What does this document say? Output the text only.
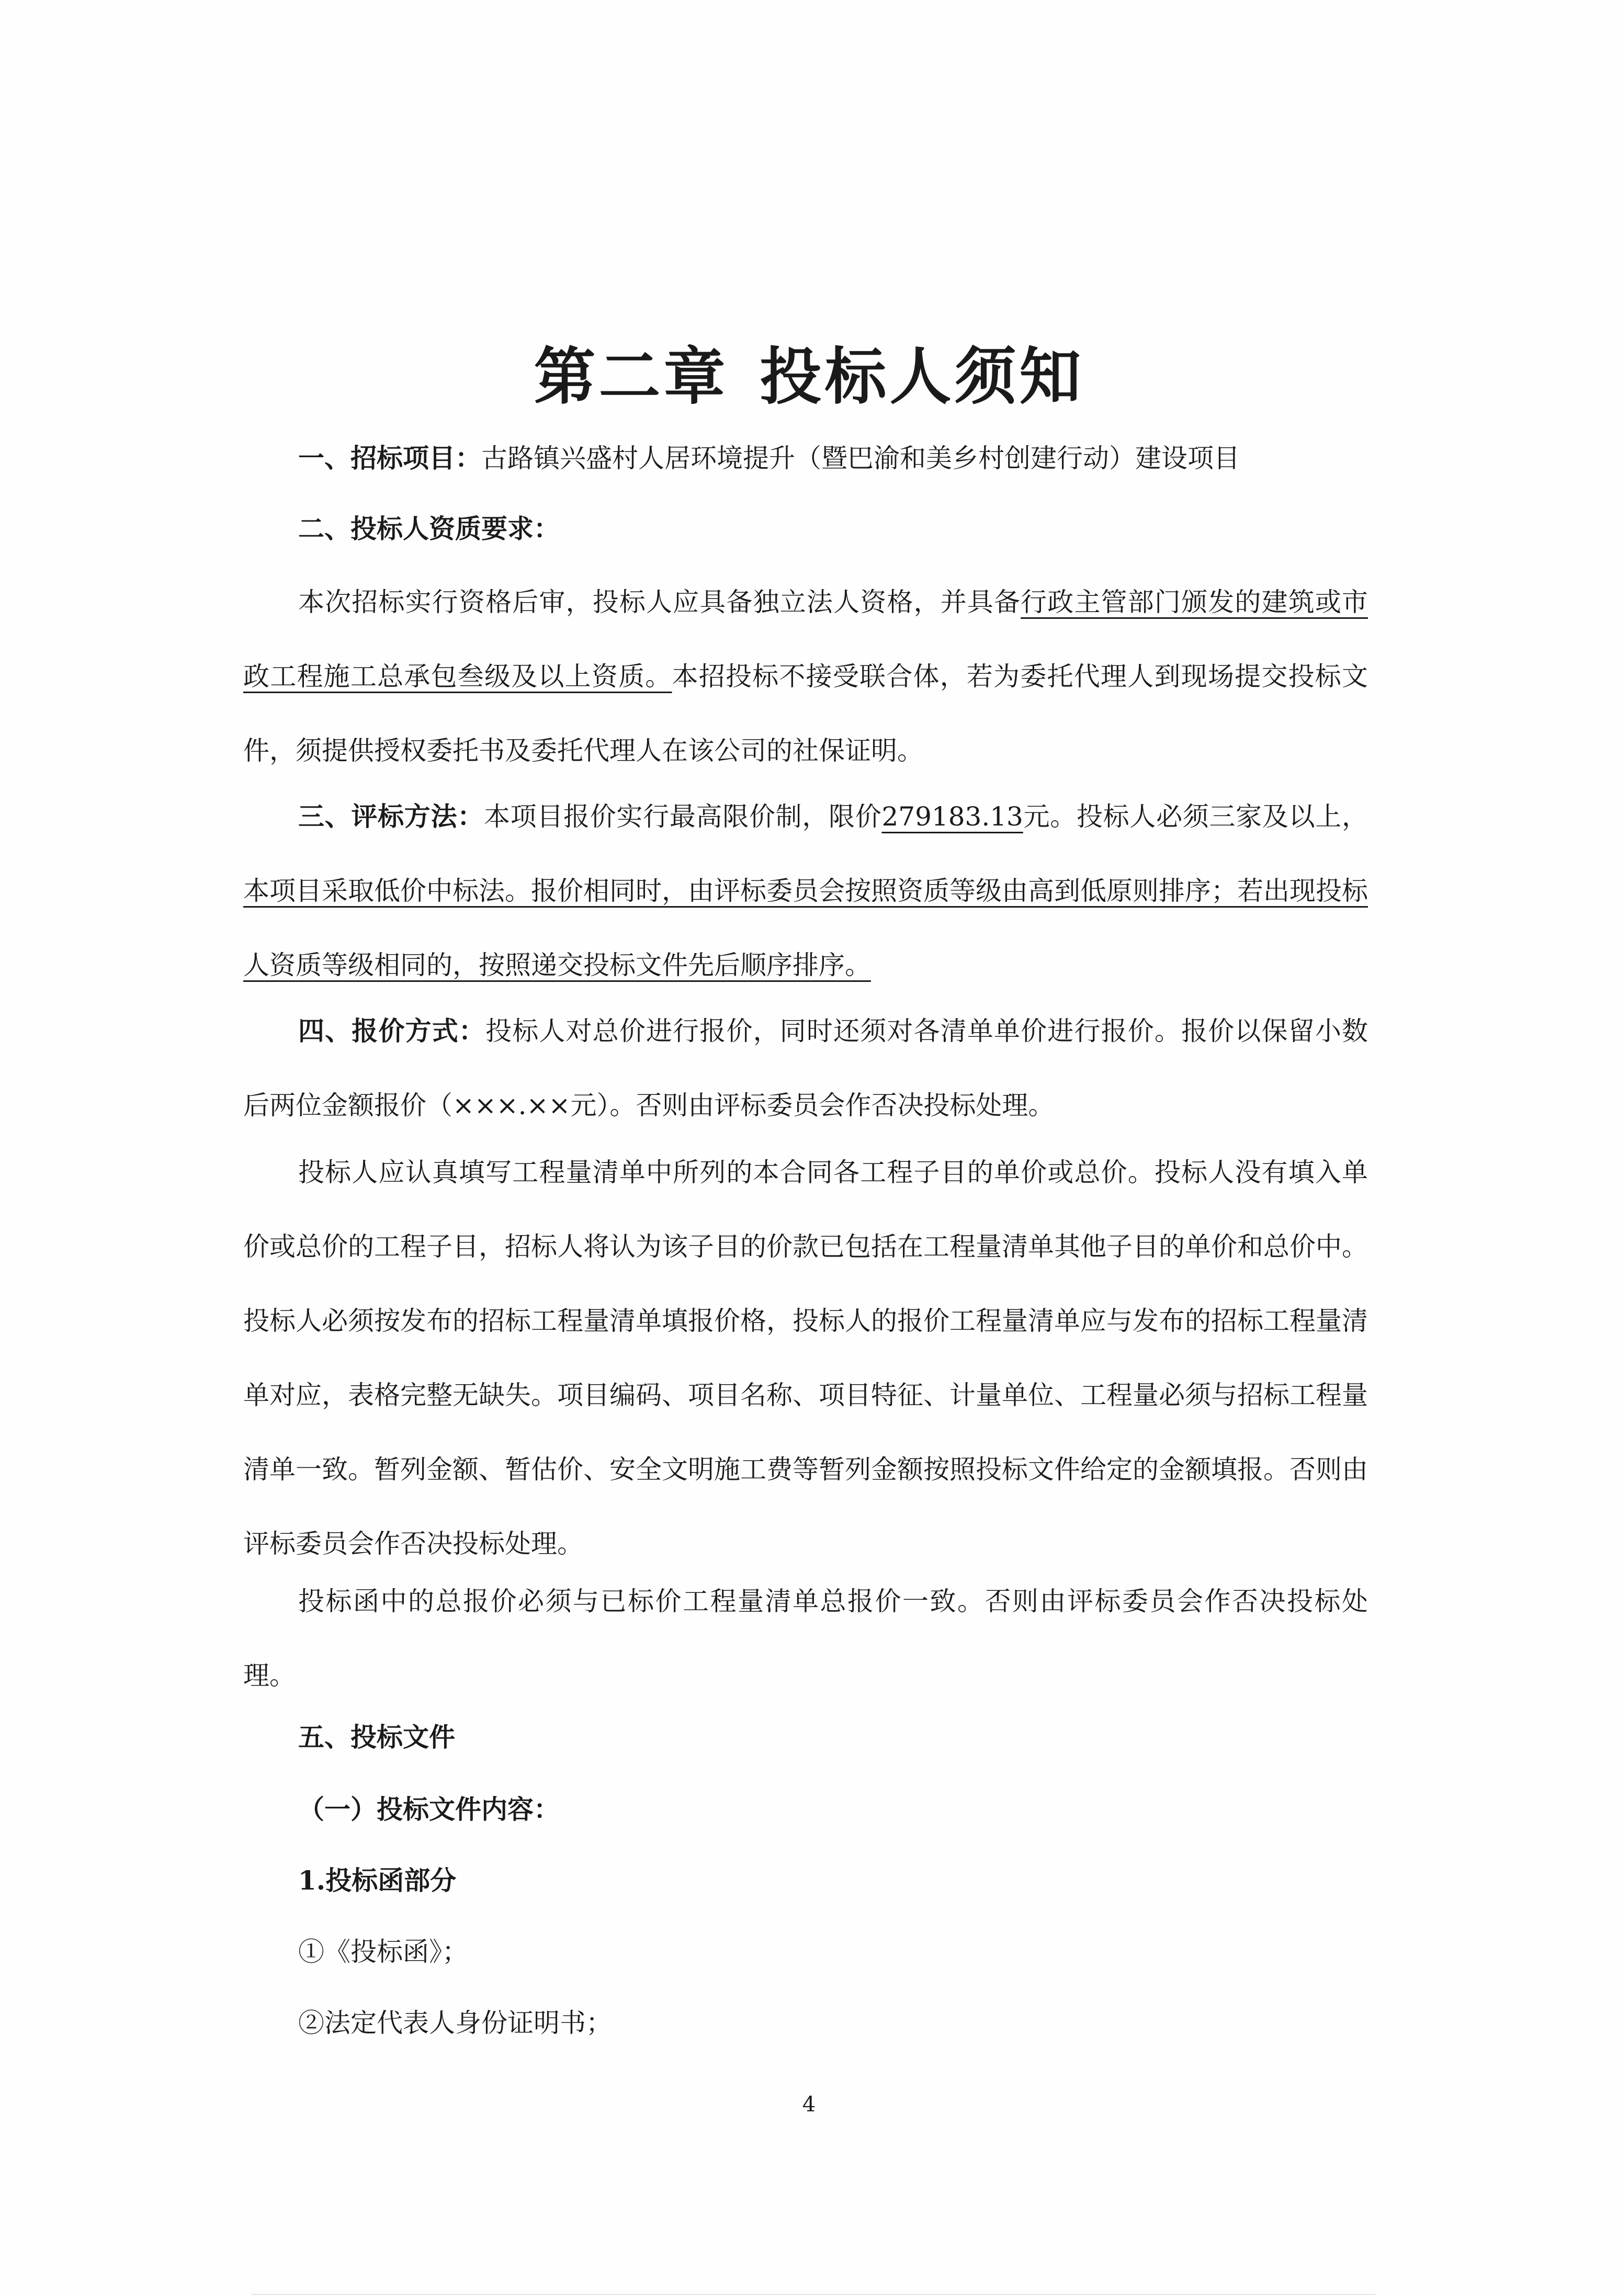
第二章 投标人须知
一、招标项目：古路镇兴盛村人居环境提升（暨巴渝和美乡村创建行动）建设项目
二、投标人资质要求：
本次招标实行资格后审，投标人应具备独立法人资格，并具备行政主管部门颁发的建筑或市政工程施工总承包叁级及以上资质。本招投标不接受联合体，若为委托代理人到现场提交投标文件，须提供授权委托书及委托代理人在该公司的社保证明。
三、评标方法：本项目报价实行最高限价制，限价279183.13元。投标人必须三家及以上，本项目采取低价中标法。报价相同时，由评标委员会按照资质等级由高到低原则排序；若出现投标人资质等级相同的，按照递交投标文件先后顺序排序。
四、报价方式：投标人对总价进行报价，同时还须对各清单单价进行报价。报价以保留小数后两位金额报价（×××.××元）。否则由评标委员会作否决投标处理。
投标人应认真填写工程量清单中所列的本合同各工程子目的单价或总价。投标人没有填入单价或总价的工程子目，招标人将认为该子目的价款已包括在工程量清单其他子目的单价和总价中。投标人必须按发布的招标工程量清单填报价格，投标人的报价工程量清单应与发布的招标工程量清单对应，表格完整无缺失。项目编码、项目名称、项目特征、计量单位、工程量必须与招标工程量清单一致。暂列金额、暂估价、安全文明施工费等暂列金额按照投标文件给定的金额填报。否则由评标委员会作否决投标处理。
投标函中的总报价必须与已标价工程量清单总报价一致。否则由评标委员会作否决投标处理。
五、投标文件
（一）投标文件内容：
1.投标函部分
①《投标函》；
②法定代表人身份证明书；
4
